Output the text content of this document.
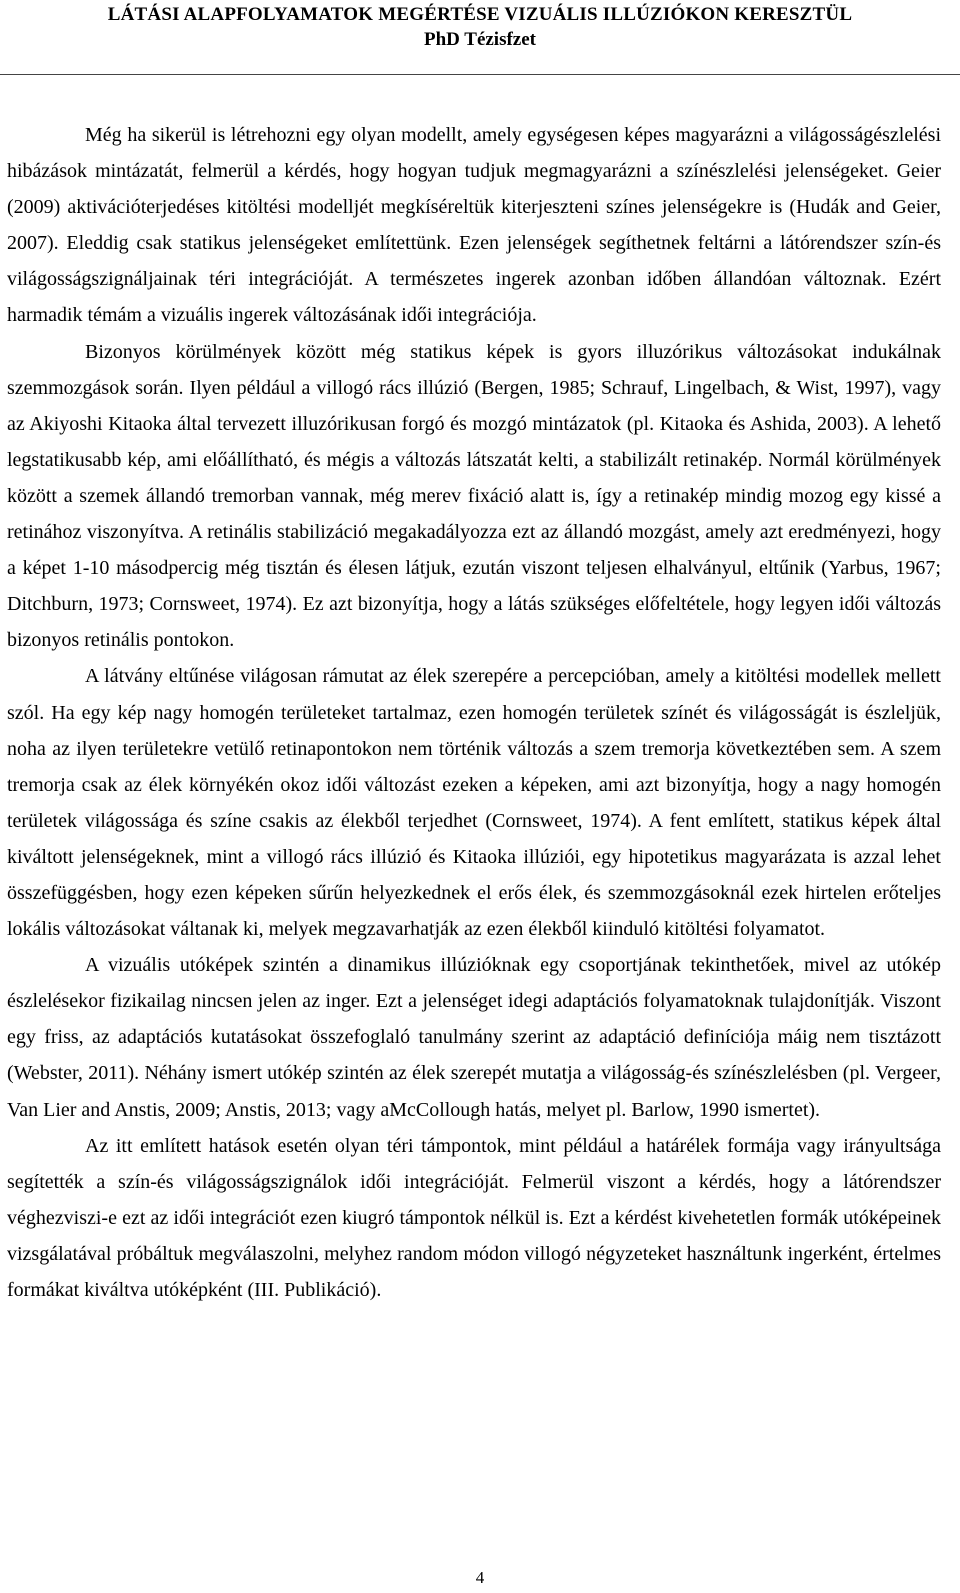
LÁTÁSI ALAPFOLYAMATOK MEGÉRTÉSE VIZUÁLIS ILLÚZIÓKON KERESZTÜL
PhD Tézisfzet

Még ha sikerül is létrehozni egy olyan modellt, amely egységesen képes magyarázni a világosságészlelési hibázások mintázatát, felmerül a kérdés, hogy hogyan tudjuk megmagyarázni a színészlelési jelenségeket. Geier (2009) aktivációterjedéses kitöltési modelljét megkíséreltük kiterjeszteni színes jelenségekre is (Hudák and Geier, 2007). Eleddig csak statikus jelenségeket említettünk. Ezen jelenségek segíthetnek feltárni a látórendszer szín-és világosságszignáljainak téri integrációját. A természetes ingerek azonban időben állandóan változnak. Ezért harmadik témám a vizuális ingerek változásának idői integrációja.

Bizonyos körülmények között még statikus képek is gyors illuzórikus változásokat indukálnak szemmozgások során. Ilyen például a villogó rács illúzió (Bergen, 1985; Schrauf, Lingelbach, & Wist, 1997), vagy az Akiyoshi Kitaoka által tervezett illuzórikusan forgó és mozgó mintázatok (pl. Kitaoka és Ashida, 2003). A lehető legstatikusabb kép, ami előállítható, és mégis a változás látszatát kelti, a stabilizált retinakép. Normál körülmények között a szemek állandó tremorban vannak, még merev fixáció alatt is, így a retinakép mindig mozog egy kissé a retinához viszonyítva. A retinális stabilizáció megakadályozza ezt az állandó mozgást, amely azt eredményezi, hogy a képet 1-10 másodpercig még tisztán és élesen látjuk, ezután viszont teljesen elhalványul, eltűnik (Yarbus, 1967; Ditchburn, 1973; Cornsweet, 1974). Ez azt bizonyítja, hogy a látás szükséges előfeltétele, hogy legyen idői változás bizonyos retinális pontokon.

A látvány eltűnése világosan rámutat az élek szerepére a percepcióban, amely a kitöltési modellek mellett szól. Ha egy kép nagy homogén területeket tartalmaz, ezen homogén területek színét és világosságát is észleljük, noha az ilyen területekre vetülő retinapontokon nem történik változás a szem tremorja következtében sem. A szem tremorja csak az élek környékén okoz idői változást ezeken a képeken, ami azt bizonyítja, hogy a nagy homogén területek világossága és színe csakis az élekből terjedhet (Cornsweet, 1974). A fent említett, statikus képek által kiváltott jelenségeknek, mint a villogó rács illúzió és Kitaoka illúziói, egy hipotetikus magyarázata is azzal lehet összefüggésben, hogy ezen képeken sűrűn helyezkednek el erős élek, és szemmozgásoknál ezek hirtelen erőteljes lokális változásokat váltanak ki, melyek megzavarhatják az ezen élekből kiinduló kitöltési folyamatot.

A vizuális utóképek szintén a dinamikus illúzióknak egy csoportjának tekinthetőek, mivel az utókép észlelésekor fizikailag nincsen jelen az inger. Ezt a jelenséget idegi adaptációs folyamatoknak tulajdonítják. Viszont egy friss, az adaptációs kutatásokat összefoglaló tanulmány szerint az adaptáció definíciója máig nem tisztázott (Webster, 2011). Néhány ismert utókép szintén az élek szerepét mutatja a világosság-és színészlelésben (pl. Vergeer, Van Lier and Anstis, 2009; Anstis, 2013; vagy aMcCollough hatás, melyet pl. Barlow, 1990 ismertet).

Az itt említett hatások esetén olyan téri támpontok, mint például a határélek formája vagy irányultsága segítették a szín-és világosságszignálok idői integrációját. Felmerül viszont a kérdés, hogy a látórendszer véghezviszi-e ezt az idői integrációt ezen kiugró támpontok nélkül is. Ezt a kérdést kivehetetlen formák utóképeinek vizsgálatával próbáltuk megválaszolni, melyhez random módon villogó négyzeteket használtunk ingerként, értelmes formákat kiváltva utóképként (III. Publikáció).

4
